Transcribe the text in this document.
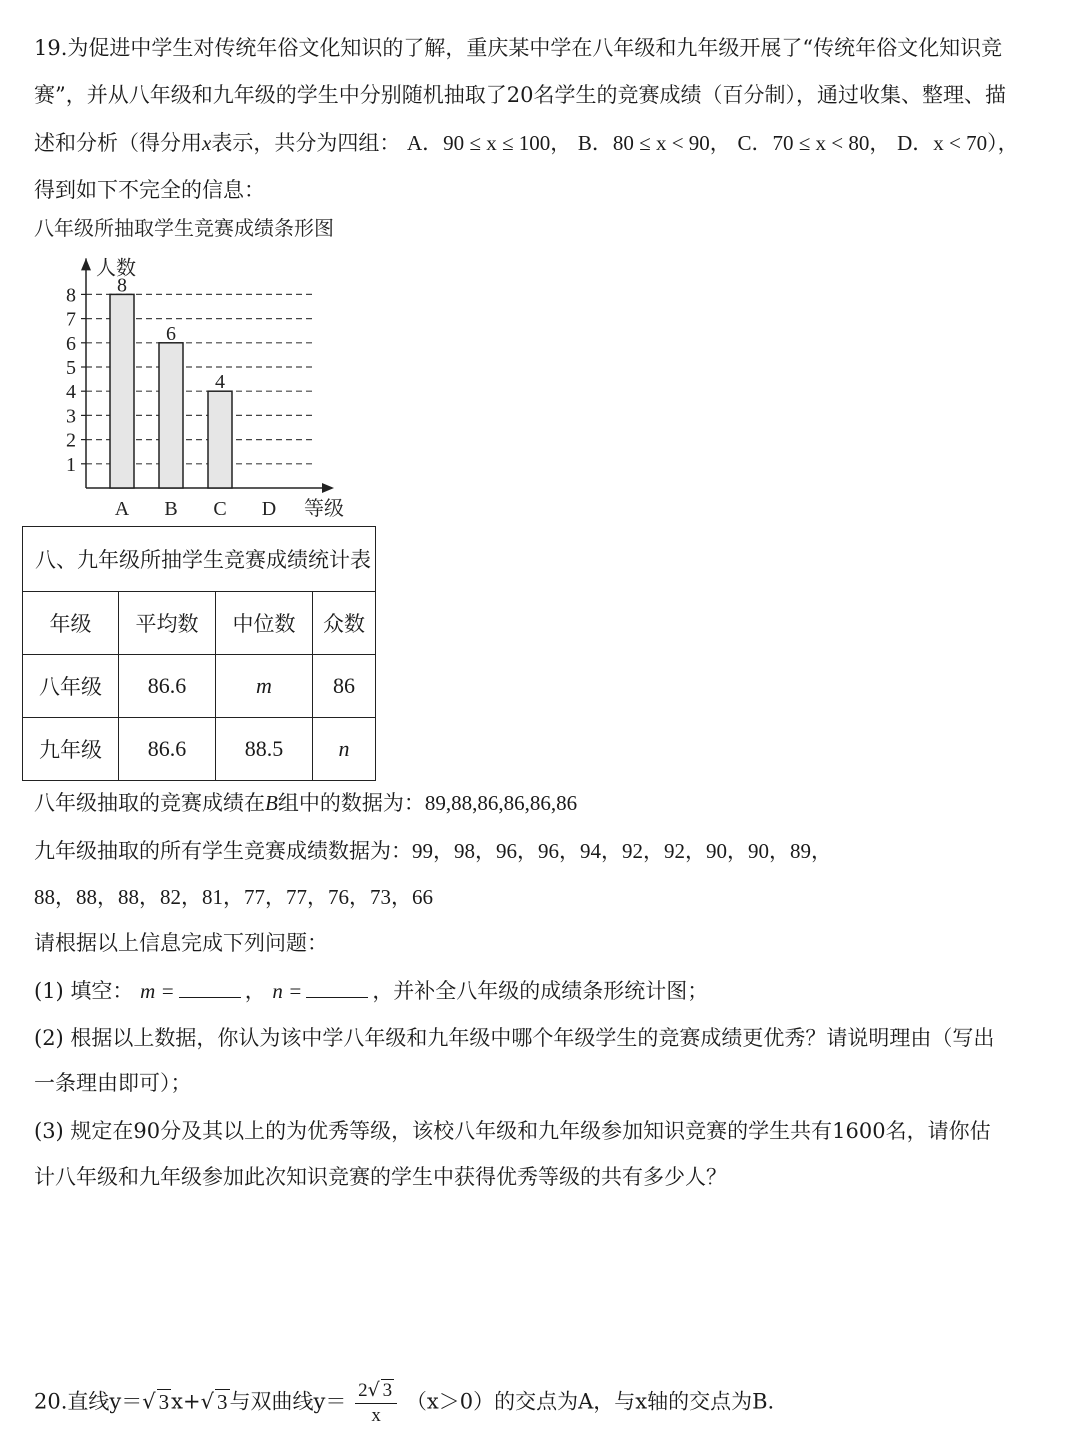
19.为促进中学生对传统年俗文化知识的了解，重庆某中学在八年级和九年级开展了“传统年俗文化知识竞
赛”，并从八年级和九年级的学生中分别随机抽取了20名学生的竞赛成绩（百分制），通过收集、整理、描
述和分析（得分用x表示，共分为四组： A．90 ≤ x ≤ 100， B．80 ≤ x < 90， C．70 ≤ x < 80， D．x < 70），
得到如下不完全的信息：
八年级所抽取学生竞赛成绩条形图
1
2
3
4
5
6
7
8
人数
等级
8
A
6
B
4
C D
八、九年级所抽学生竞赛成绩统计表			
年级	平均数	中位数	众数
八年级	86.6	m	86
九年级	86.6	88.5	n
八年级抽取的竞赛成绩在B组中的数据为：89,88,86,86,86,86
九年级抽取的所有学生竞赛成绩数据为：99，98，96，96，94，92，92，90，90，89，
88，88，88，82，81，77，77，76，73，66
请根据以上信息完成下列问题：
(1) 填空： m =	， n =	，并补全八年级的成绩条形统计图；
(2) 根据以上数据，你认为该中学八年级和九年级中哪个年级学生的竞赛成绩更优秀？请说明理由（写出
一条理由即可）；
(3) 规定在90分及其以上的为优秀等级，该校八年级和九年级参加知识竞赛的学生共有1600名，请你估
计八年级和九年级参加此次知识竞赛的学生中获得优秀等级的共有多少人？
20.直线y＝√ 3x+√ 3与双曲线$y= \frac{2√ 3}{x} (x>0)$的交点为A，与x轴的交点为B.
